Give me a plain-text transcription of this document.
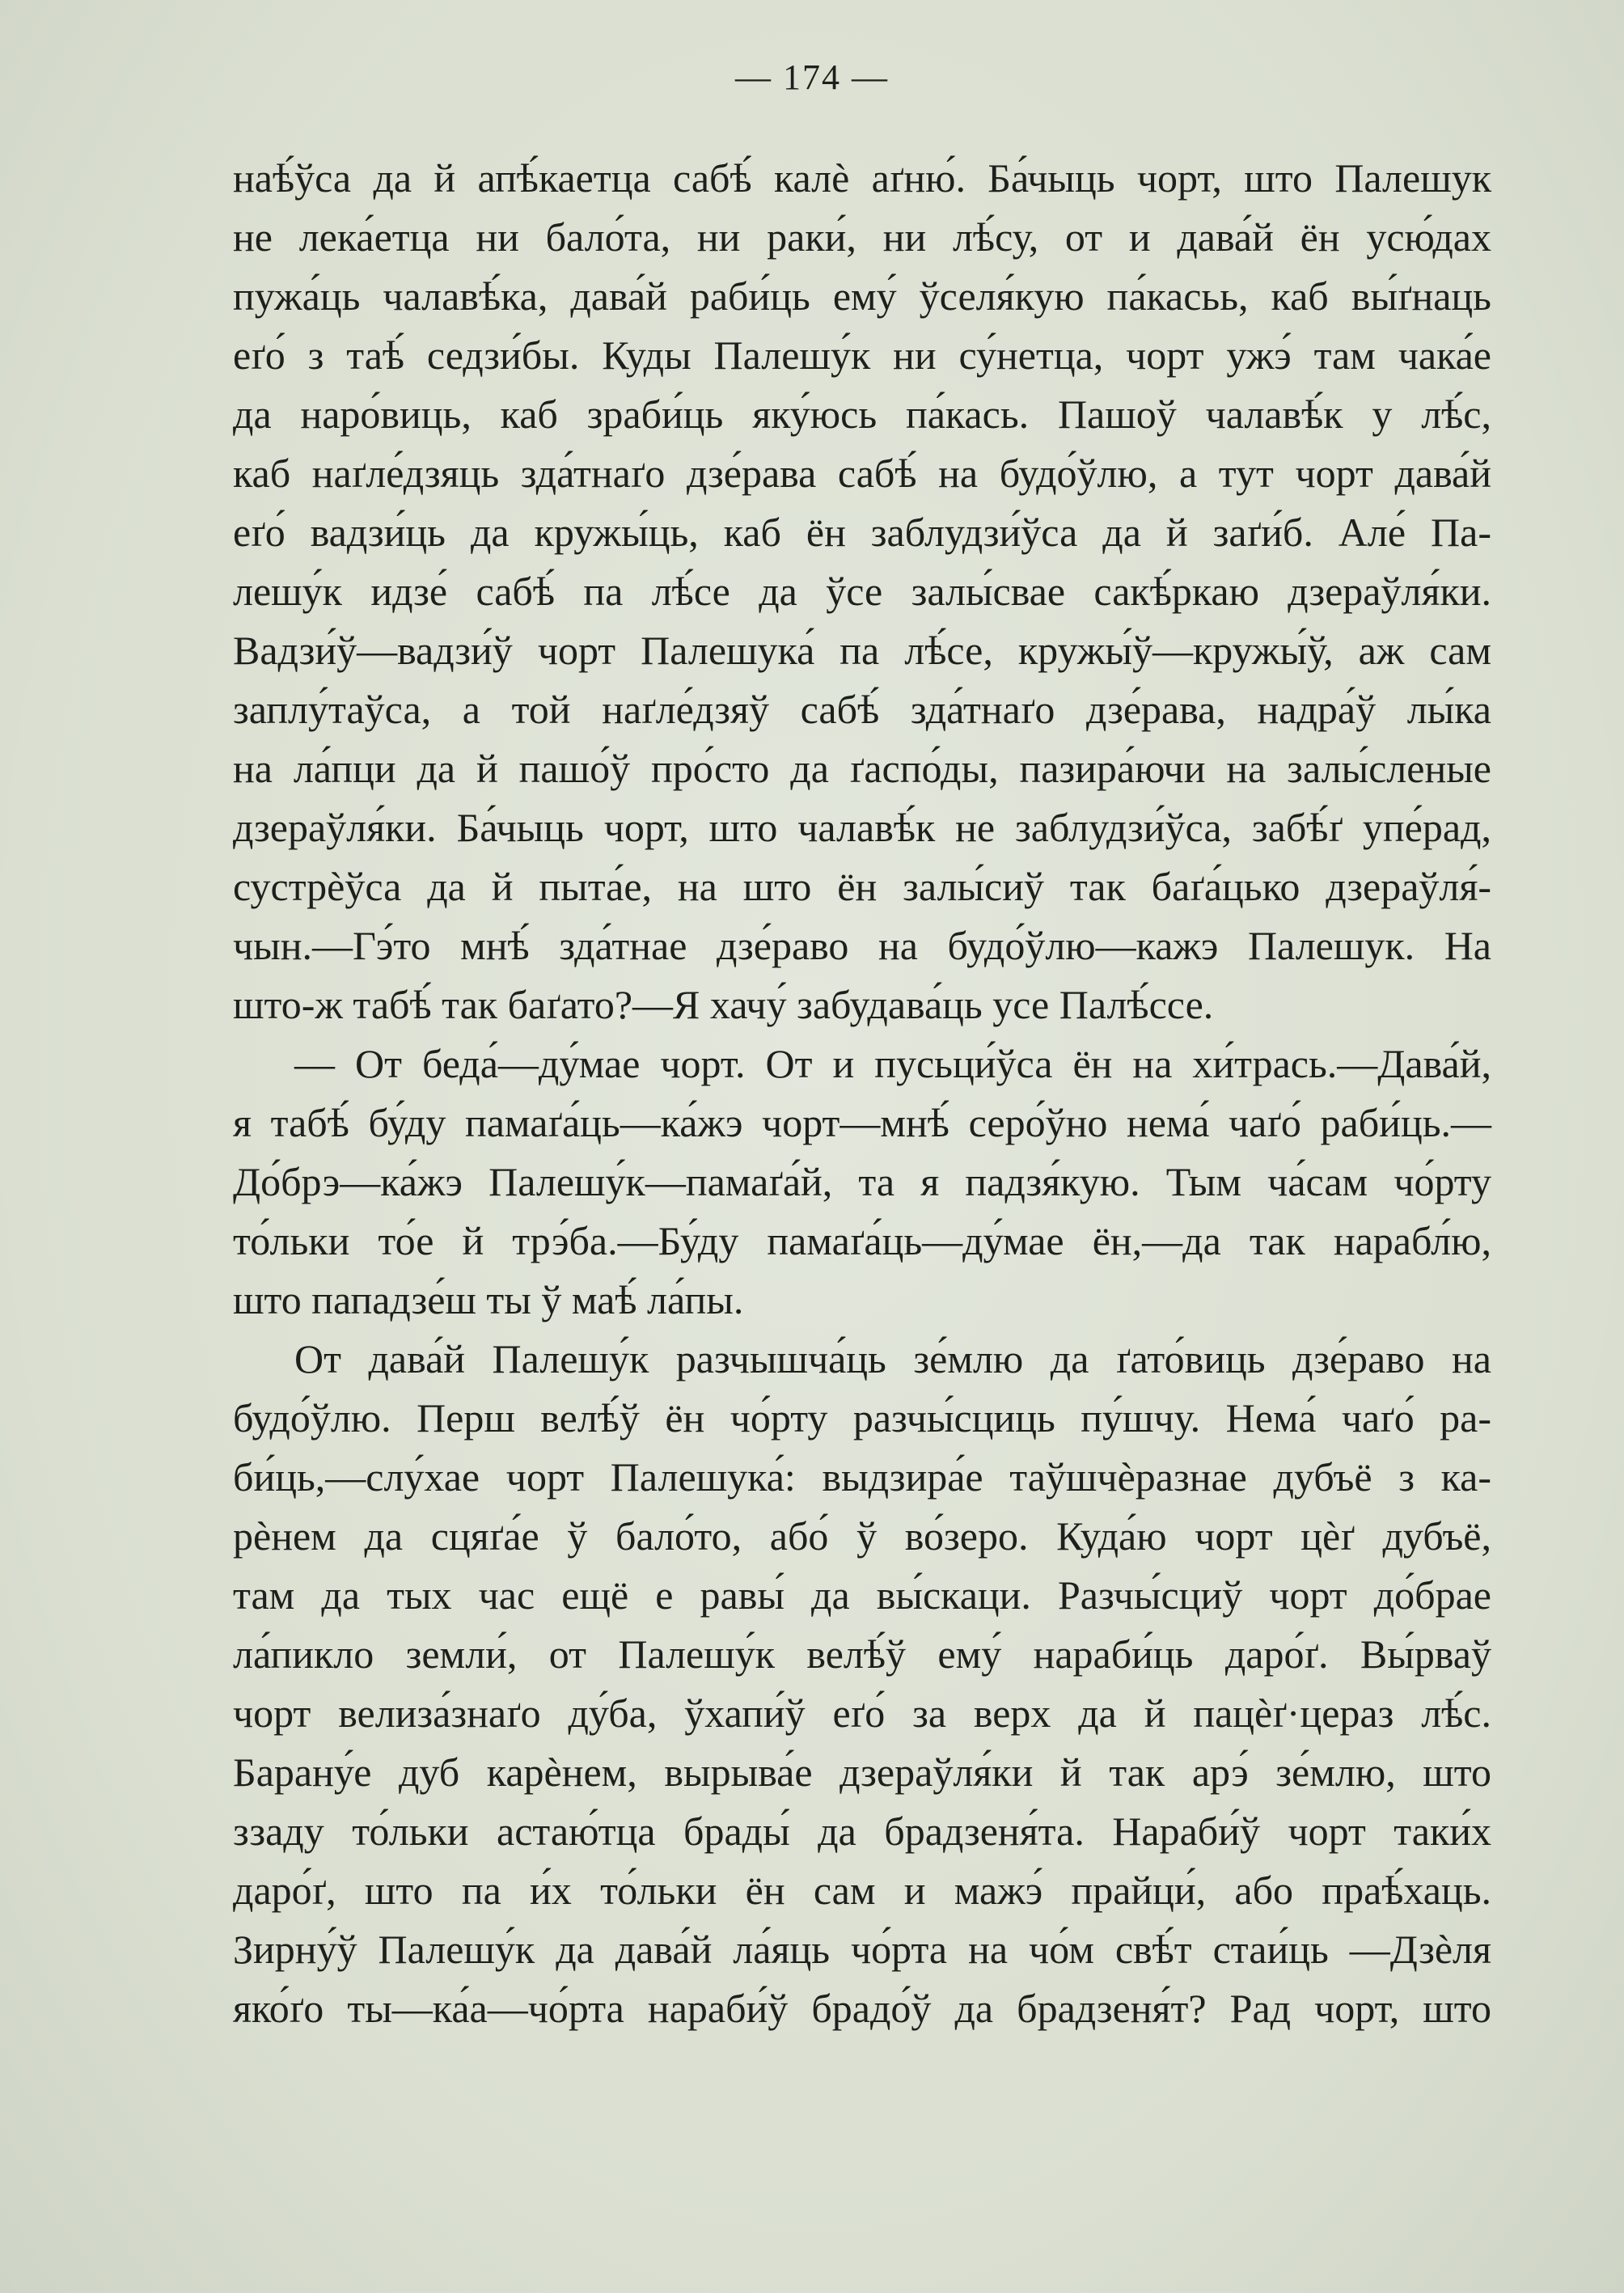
— 174 —
наѣ́ўса да й апѣ́каетца сабѣ́ калѐ аґню́. Ба́чыць чорт, што Палешук
не лека́етца ни бало́та, ни раки́, ни лѣ́су, от и дава́й ён усю́дах
пужа́ць чалавѣ́ка, дава́й раби́ць ему́ ўселя́кую па́касьь, каб вы́ґнаць
еґо́ з таѣ́ седзи́бы. Куды Палешу́к ни су́нетца, чорт ужэ́ там чака́е
да наро́виць, каб зраби́ць яку́юсь па́кась. Пашоў чалавѣ́к у лѣ́с,
каб наґле́дзяць зда́тнаґо дзе́рава сабѣ́ на будо́ўлю, а тут чорт дава́й
еґо́ вадзи́ць да кружы́ць, каб ён заблудзи́ўса да й заґи́б. Але́ Па-
лешу́к идзе́ сабѣ́ па лѣ́се да ўсе залы́свае сакѣ́ркаю дзераўля́ки.
Вадзи́ў—вадзи́ў чорт Палешука́ па лѣ́се, кружы́ў—кружы́ў, аж сам
заплу́таўса, а той наґле́дзяў сабѣ́ зда́тнаґо дзе́рава, надра́ў лы́ка
на ла́пци да й пашо́ў про́сто да ґаспо́ды, пазира́ючи на залы́сленые
дзераўля́ки. Ба́чыць чорт, што чалавѣ́к не заблудзи́ўса, забѣ́ґ упе́рад,
сустрѐўса да й пыта́е, на што ён залы́сиў так баґа́цько дзераўля́-
чын.—Гэ́то мнѣ́ зда́тнае дзе́раво на будо́ўлю—кажэ Палешук. На
што-ж табѣ́ так баґато?—Я хачу́ забудава́ць усе Палѣ́ссе.
— От беда́—ду́мае чорт. От и пусьци́ўса ён на хи́трась.—Дава́й,
я табѣ́ бу́ду памаґа́ць—ка́жэ чорт—мнѣ́ серо́ўно нема́ чаґо́ раби́ць.—
До́брэ—ка́жэ Палешу́к—памаґа́й, та я падзя́кую. Тым ча́сам чо́рту
то́льки то́е й трэ́ба.—Бу́ду памаґа́ць—ду́мае ён,—да так нарабл́ю,
што пападзе́ш ты ў маѣ́ ла́пы.
От дава́й Палешу́к разчышча́ць зе́млю да ґато́виць дзе́раво на
будо́ўлю. Перш велѣ́ў ён чо́рту разчы́сциць пу́шчу. Нема́ чаґо́ ра-
би́ць,—слу́хае чорт Палешука́: выдзира́е таўшчѐразнае дубъё з ка-
рѐнем да сцяґа́е ў бало́то, або́ ў во́зеро. Куда́ю чорт цѐґ дубъё,
там да тых час ещё е равы́ да вы́скаци. Разчы́сциў чорт до́брае
ла́пикло земли́, от Палешу́к велѣ́ў ему́ нараби́ць даро́ґ. Вы́рваў
чорт велиза́знаґо ду́ба, ўхапи́ў еґо́ за верх да й пацѐґ·цераз лѣ́с.
Барану́е дуб карѐнем, вырыва́е дзераўля́ки й так арэ́ зе́млю, што
ззаду то́льки астаю́тца брады́ да брадзеня́та. Нараби́ў чорт таки́х
даро́ґ, што па и́х то́льки ён сам и мажэ́ прайци́, або праѣ́хаць.
Зирну́ў Палешу́к да дава́й ла́яць чо́рта на чо́м свѣ́т стаи́ць —Дзѐля
яко́ґо ты—ка́а—чо́рта нараби́ў брадо́ў да брадзеня́т? Рад чорт, што
